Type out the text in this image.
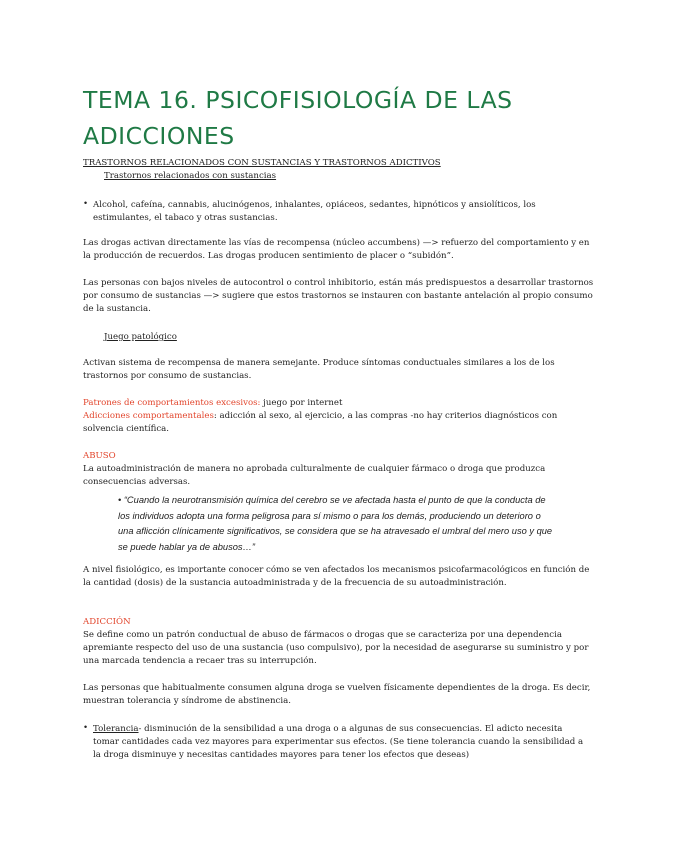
TEMA 16. PSICOFISIOLOGÍA DE LAS ADICCIONES
TRASTORNOS RELACIONADOS CON SUSTANCIAS Y TRASTORNOS ADICTIVOS
Trastornos relacionados con sustancias
• Alcohol, cafeína, cannabis, alucinógenos, inhalantes, opiáceos, sedantes, hipnóticos y ansiolíticos, los estimulantes, el tabaco y otras sustancias.
Las drogas activan directamente las vías de recompensa (núcleo accumbens) —> refuerzo del comportamiento y en la producción de recuerdos. Las drogas producen sentimiento de placer o “subidón”.
Las personas con bajos niveles de autocontrol o control inhibitorio, están más predispuestos a desarrollar trastornos por consumo de sustancias —> sugiere que estos trastornos se instauren con bastante antelación al propio consumo de la sustancia.
Juego patológico
Activan sistema de recompensa de manera semejante. Produce síntomas conductuales similares a los de los trastornos por consumo de sustancias.
Patrones de comportamientos excesivos: juego por internet
Adicciones comportamentales: adicción al sexo, al ejercicio, a las compras -no hay criterios diagnósticos con solvencia científica.
ABUSO
La autoadministración de manera no aprobada culturalmente de cualquier fármaco o droga que produzca consecuencias adversas.
• “Cuando la neurotransmisión química del cerebro se ve afectada hasta el punto de que la conducta de los individuos adopta una forma peligrosa para sí mismo o para los demás, produciendo un deterioro o una aflicción clínicamente significativos, se considera que se ha atravesado el umbral del mero uso y que se puede hablar ya de abusos…”
A nivel fisiológico, es importante conocer cómo se ven afectados los mecanismos psicofarmacológicos en función de la cantidad (dosis) de la sustancia autoadministrada y de la frecuencia de su autoadministración.
ADICCIÓN
Se define como un patrón conductual de abuso de fármacos o drogas que se caracteriza por una dependencia apremiante respecto del uso de una sustancia (uso compulsivo), por la necesidad de asegurarse su suministro y por una marcada tendencia a recaer tras su interrupción.
Las personas que habitualmente consumen alguna droga se vuelven físicamente dependientes de la droga. Es decir, muestran tolerancia y síndrome de abstinencia.
• Tolerancia- disminución de la sensibilidad a una droga o a algunas de sus consecuencias. El adicto necesita tomar cantidades cada vez mayores para experimentar sus efectos. (Se tiene tolerancia cuando la sensibilidad a la droga disminuye y necesitas cantidades mayores para tener los efectos que deseas)
